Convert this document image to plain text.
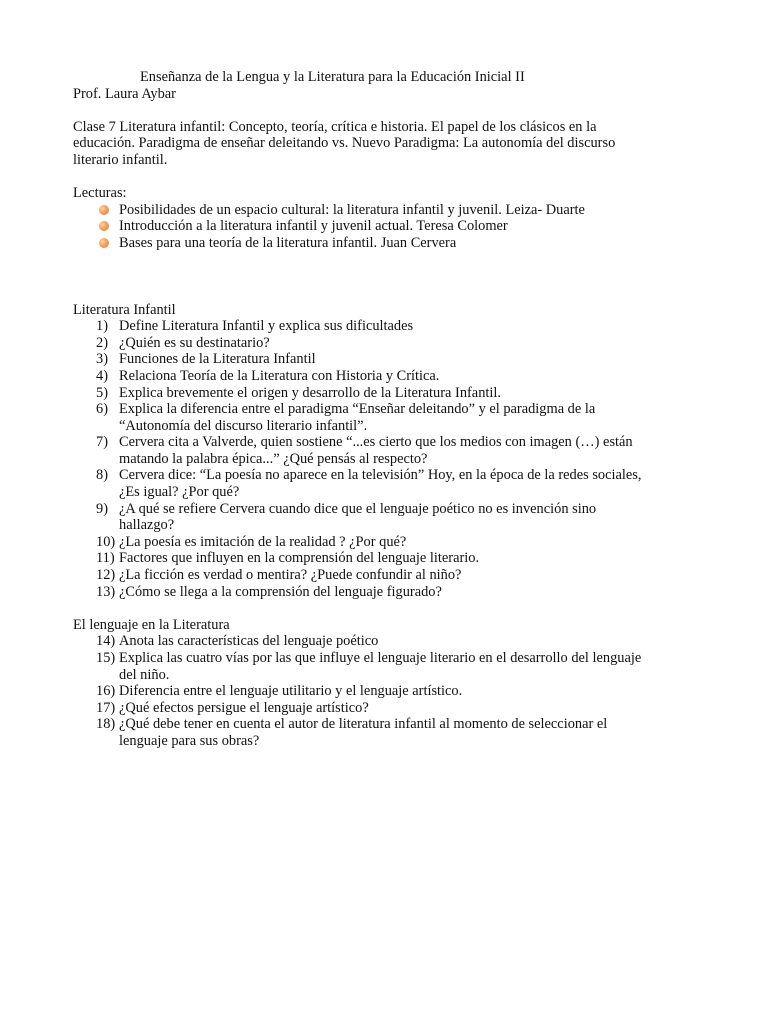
Enseñanza de la Lengua y la Literatura para la Educación Inicial II
Prof. Laura Aybar
Clase 7 Literatura infantil: Concepto, teoría, crítica e historia. El papel de los clásicos en la
educación. Paradigma de enseñar deleitando vs. Nuevo Paradigma: La autonomía del discurso
literario infantil.
Lecturas:
Posibilidades de un espacio cultural: la literatura infantil y juvenil. Leiza- Duarte
Introducción a la literatura infantil y juvenil actual. Teresa Colomer
Bases para una teoría de la literatura infantil. Juan Cervera
Literatura Infantil
1) Define Literatura Infantil y explica sus dificultades
2) ¿Quién es su destinatario?
3) Funciones de la Literatura Infantil
4) Relaciona Teoría de la Literatura con Historia y Crítica.
5) Explica brevemente el origen y desarrollo de la Literatura Infantil.
6) Explica la diferencia entre el paradigma “Enseñar deleitando” y el paradigma de la
“Autonomía del discurso literario infantil”.
7) Cervera cita a Valverde, quien sostiene “...es cierto que los medios con imagen (…) están
matando la palabra épica...” ¿Qué pensás al respecto?
8) Cervera dice: “La poesía no aparece en la televisión” Hoy, en la época de la redes sociales,
¿Es igual? ¿Por qué?
9) ¿A qué se refiere Cervera cuando dice que el lenguaje poético no es invención sino
hallazgo?
10) ¿La poesía es imitación de la realidad ? ¿Por qué?
11) Factores que influyen en la comprensión del lenguaje literario.
12) ¿La ficción es verdad o mentira? ¿Puede confundir al niño?
13) ¿Cómo se llega a la comprensión del lenguaje figurado?
El lenguaje en la Literatura
14) Anota las características del lenguaje poético
15) Explica las cuatro vías por las que influye el lenguaje literario en el desarrollo del lenguaje
del niño.
16) Diferencia entre el lenguaje utilitario y el lenguaje artístico.
17) ¿Qué efectos persigue el lenguaje artístico?
18) ¿Qué debe tener en cuenta el autor de literatura infantil al momento de seleccionar el
lenguaje para sus obras?
